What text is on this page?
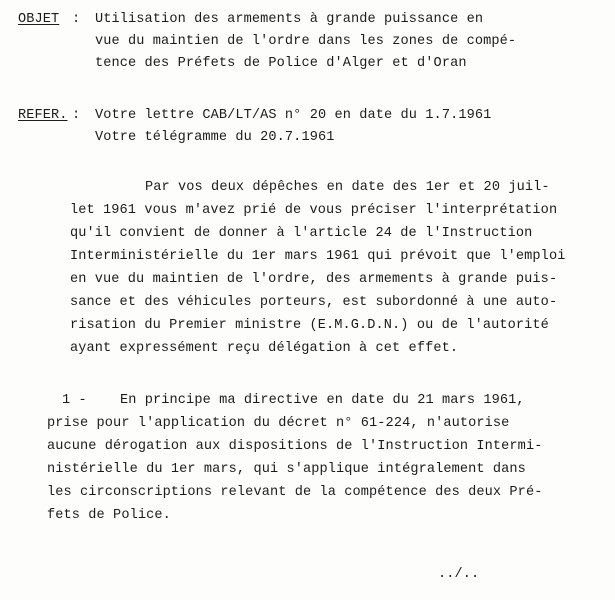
OBJET : Utilisation des armements à grande puissance en
vue du maintien de l'ordre dans les zones de compé-
tence des Préfets de Police d'Alger et d'Oran
REFER. : Votre lettre CAB/LT/AS n° 20 en date du 1.7.1961
Votre télégramme du 20.7.1961
Par vos deux dépêches en date des 1er et 20 juil-
let 1961 vous m'avez prié de vous préciser l'interprétation
qu'il convient de donner à l'article 24 de l'Instruction
Interministérielle du 1er mars 1961 qui prévoit que l'emploi
en vue du maintien de l'ordre, des armements à grande puis-
sance et des véhicules porteurs, est subordonné à une auto-
risation du Premier ministre (E.M.G.D.N.) ou de l'autorité
ayant expressément reçu délégation à cet effet.
1 - En principe ma directive en date du 21 mars 1961,
prise pour l'application du décret n° 61-224, n'autorise
aucune dérogation aux dispositions de l'Instruction Intermi-
nistérielle du 1er mars, qui s'applique intégralement dans
les circonscriptions relevant de la compétence des deux Pré-
fets de Police.
../..
